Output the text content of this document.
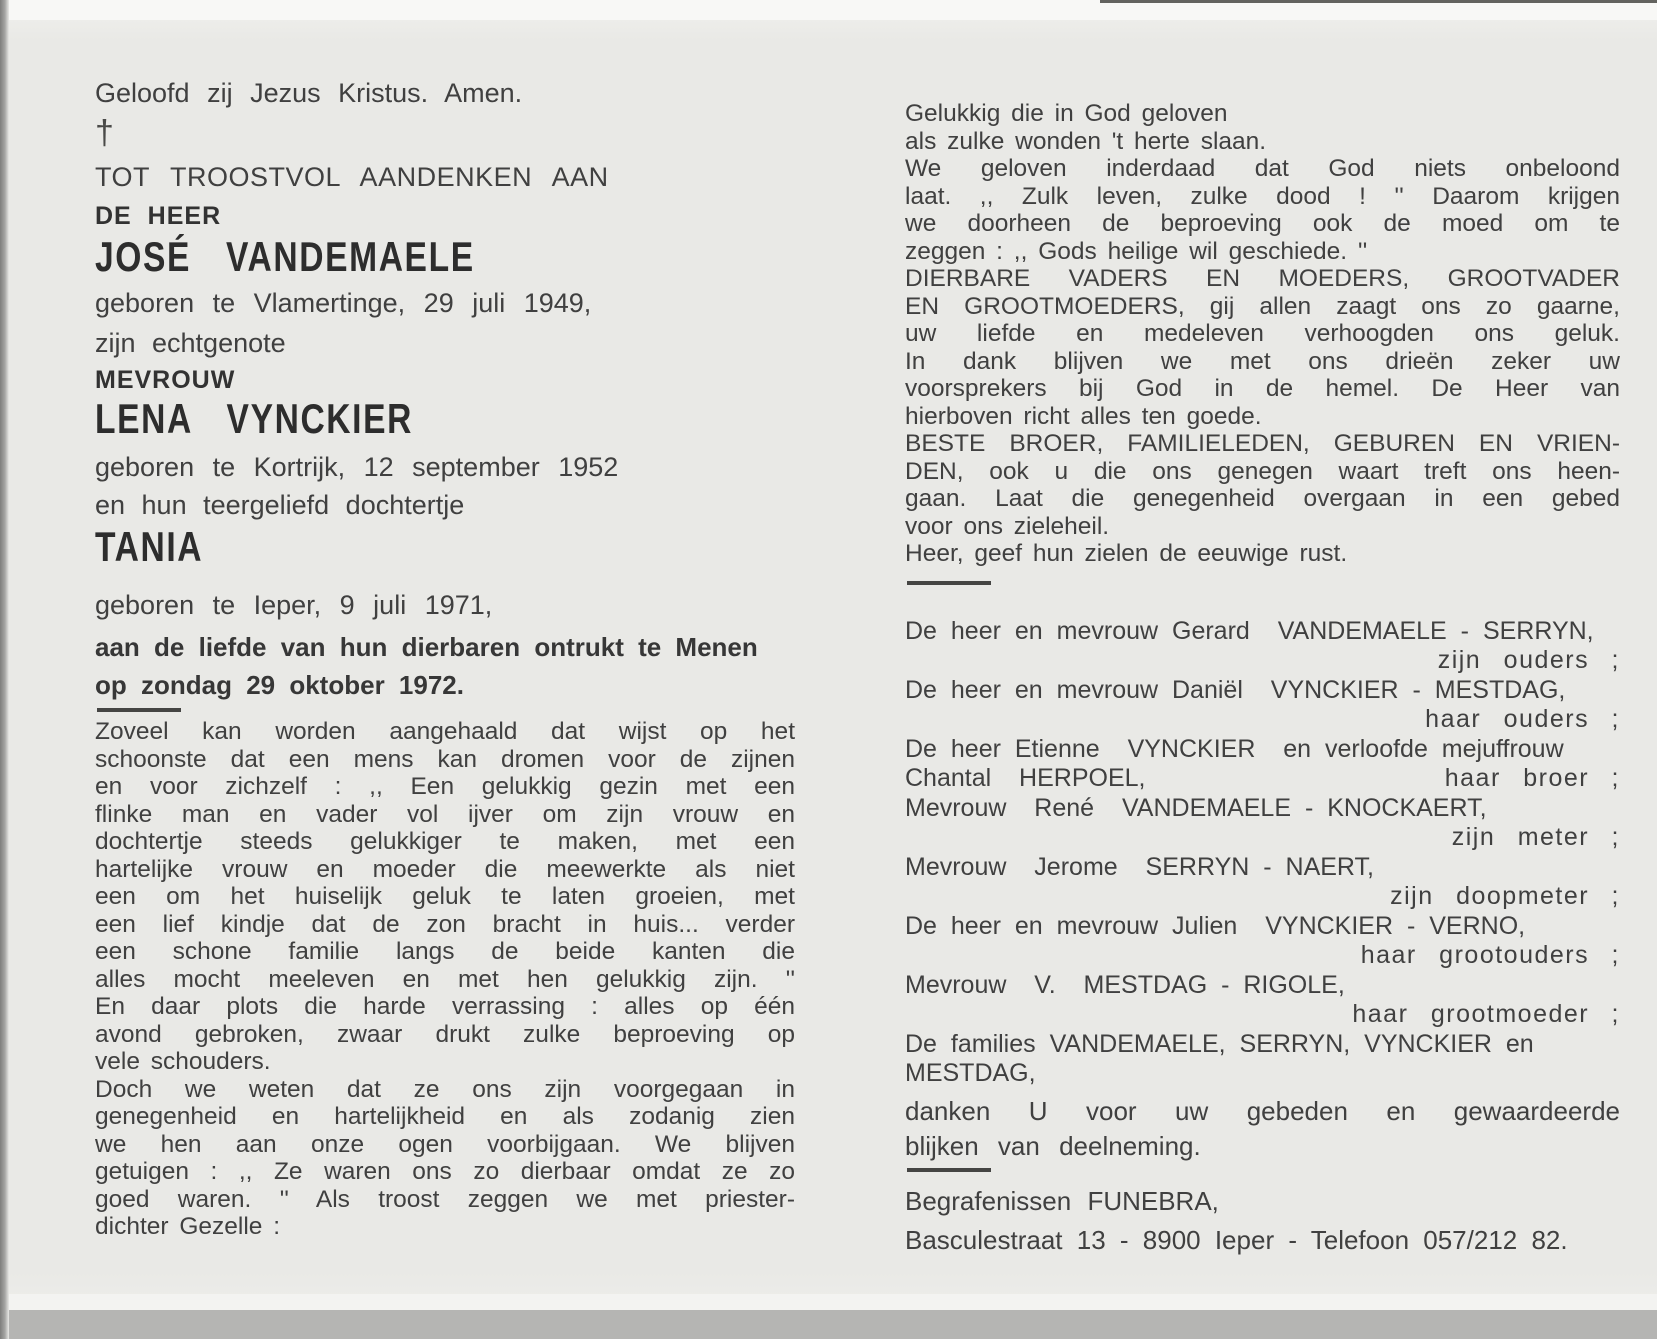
Geloofd zij Jezus Kristus. Amen.
†
TOT TROOSTVOL AANDENKEN AAN
DE HEER
JOSÉ VANDEMAELE
geboren te Vlamertinge, 29 juli 1949,
zijn echtgenote
MEVROUW
LENA VYNCKIER
geboren te Kortrijk, 12 september 1952
en hun teergeliefd dochtertje
TANIA
geboren te Ieper, 9 juli 1971,
aan de liefde van hun dierbaren ontrukt te Menen
op zondag 29 oktober 1972.
Zoveel kan worden aangehaald dat wijst op het
schoonste dat een mens kan dromen voor de zijnen
en voor zichzelf : ,, Een gelukkig gezin met een
flinke man en vader vol ijver om zijn vrouw en
dochtertje steeds gelukkiger te maken, met een
hartelijke vrouw en moeder die meewerkte als niet
een om het huiselijk geluk te laten groeien, met
een lief kindje dat de zon bracht in huis... verder
een schone familie langs de beide kanten die
alles mocht meeleven en met hen gelukkig zijn. ''
En daar plots die harde verrassing : alles op één
avond gebroken, zwaar drukt zulke beproeving op
vele schouders.
Doch we weten dat ze ons zijn voorgegaan in
genegenheid en hartelijkheid en als zodanig zien
we hen aan onze ogen voorbijgaan. We blijven
getuigen : ,, Ze waren ons zo dierbaar omdat ze zo
goed waren. '' Als troost zeggen we met priester-
dichter Gezelle :
Gelukkig die in God geloven
als zulke wonden 't herte slaan.
We geloven inderdaad dat God niets onbeloond
laat. ,, Zulk leven, zulke dood ! '' Daarom krijgen
we doorheen de beproeving ook de moed om te
zeggen : ,, Gods heilige wil geschiede. ''
DIERBARE VADERS EN MOEDERS, GROOTVADER
EN GROOTMOEDERS, gij allen zaagt ons zo gaarne,
uw liefde en medeleven verhoogden ons geluk.
In dank blijven we met ons drieën zeker uw
voorsprekers bij God in de hemel. De Heer van
hierboven richt alles ten goede.
BESTE BROER, FAMILIELEDEN, GEBUREN EN VRIEN-
DEN, ook u die ons genegen waart treft ons heen-
gaan. Laat die genegenheid overgaan in een gebed
voor ons zieleheil.
Heer, geef hun zielen de eeuwige rust.
De heer en mevrouw Gerard  VANDEMAELE - SERRYN,
zijn ouders ;
De heer en mevrouw Daniël  VYNCKIER - MESTDAG,
haar ouders ;
De heer Etienne  VYNCKIER  en verloofde mejuffrouw
Chantal  HERPOEL,	haar broer ;
Mevrouw  René  VANDEMAELE - KNOCKAERT,
zijn meter ;
Mevrouw  Jerome  SERRYN - NAERT,
zijn doopmeter ;
De heer en mevrouw Julien  VYNCKIER - VERNO,
haar grootouders ;
Mevrouw  V.  MESTDAG - RIGOLE,
haar grootmoeder ;
De families VANDEMAELE, SERRYN, VYNCKIER en
MESTDAG,
danken U voor uw gebeden en gewaardeerde
blijken van deelneming.
Begrafenissen FUNEBRA,
Basculestraat 13 - 8900 Ieper - Telefoon 057/212 82.
